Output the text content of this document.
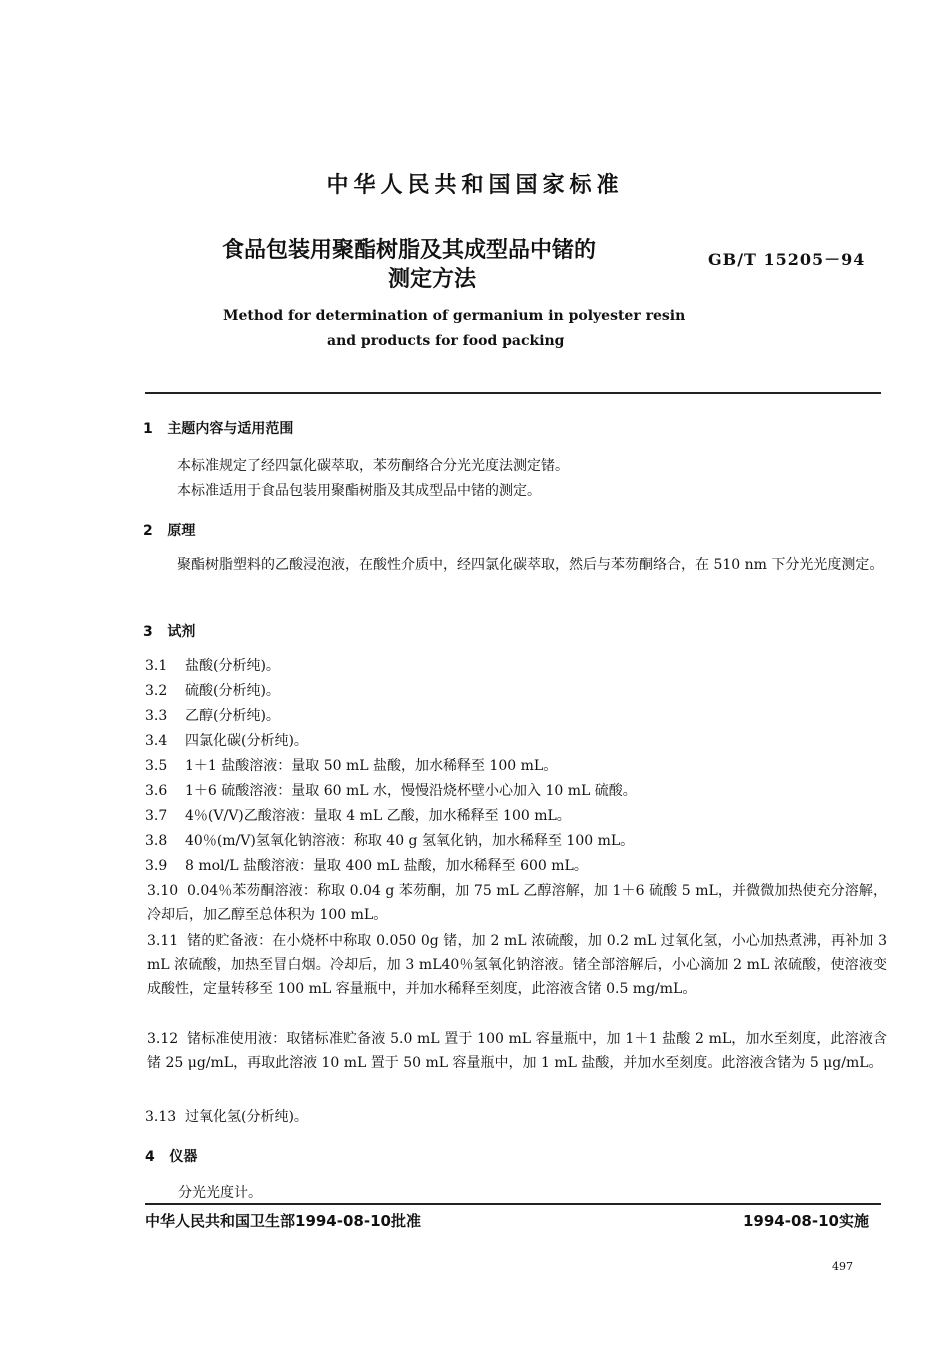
中华人民共和国国家标准
食品包装用聚酯树脂及其成型品中锗的
测定方法
GB/T 15205－94
Method for determination of germanium in polyester resin
and products for food packing
1 主题内容与适用范围
本标准规定了经四氯化碳萃取，苯芴酮络合分光光度法测定锗。
本标准适用于食品包装用聚酯树脂及其成型品中锗的测定。
2 原理
聚酯树脂塑料的乙酸浸泡液，在酸性介质中，经四氯化碳萃取，然后与苯芴酮络合，在 510 nm 下分光光度测定。
3 试剂
3.1 盐酸(分析纯)。
3.2 硫酸(分析纯)。
3.3 乙醇(分析纯)。
3.4 四氯化碳(分析纯)。
3.5 1＋1 盐酸溶液：量取 50 mL 盐酸，加水稀释至 100 mL。
3.6 1＋6 硫酸溶液：量取 60 mL 水，慢慢沿烧杯壁小心加入 10 mL 硫酸。
3.7 4％(V/V)乙酸溶液：量取 4 mL 乙酸，加水稀释至 100 mL。
3.8 40％(m/V)氢氧化钠溶液：称取 40 g 氢氧化钠，加水稀释至 100 mL。
3.9 8 mol/L 盐酸溶液：量取 400 mL 盐酸，加水稀释至 600 mL。
3.10 0.04％苯芴酮溶液：称取 0.04 g 苯芴酮，加 75 mL 乙醇溶解，加 1＋6 硫酸 5 mL，并微微加热使充分溶解，冷却后，加乙醇至总体积为 100 mL。
3.11 锗的贮备液：在小烧杯中称取 0.050 0g 锗，加 2 mL 浓硫酸，加 0.2 mL 过氧化氢，小心加热煮沸，再补加 3 mL 浓硫酸，加热至冒白烟。冷却后，加 3 mL40％氢氧化钠溶液。锗全部溶解后，小心滴加 2 mL 浓硫酸，使溶液变成酸性，定量转移至 100 mL 容量瓶中，并加水稀释至刻度，此溶液含锗 0.5 mg/mL。
3.12 锗标准使用液：取锗标准贮备液 5.0 mL 置于 100 mL 容量瓶中，加 1＋1 盐酸 2 mL，加水至刻度，此溶液含锗 25 μg/mL，再取此溶液 10 mL 置于 50 mL 容量瓶中，加 1 mL 盐酸，并加水至刻度。此溶液含锗为 5 μg/mL。
3.13 过氧化氢(分析纯)。
4 仪器
分光光度计。
中华人民共和国卫生部1994-08-10批准	1994-08-10实施
497
